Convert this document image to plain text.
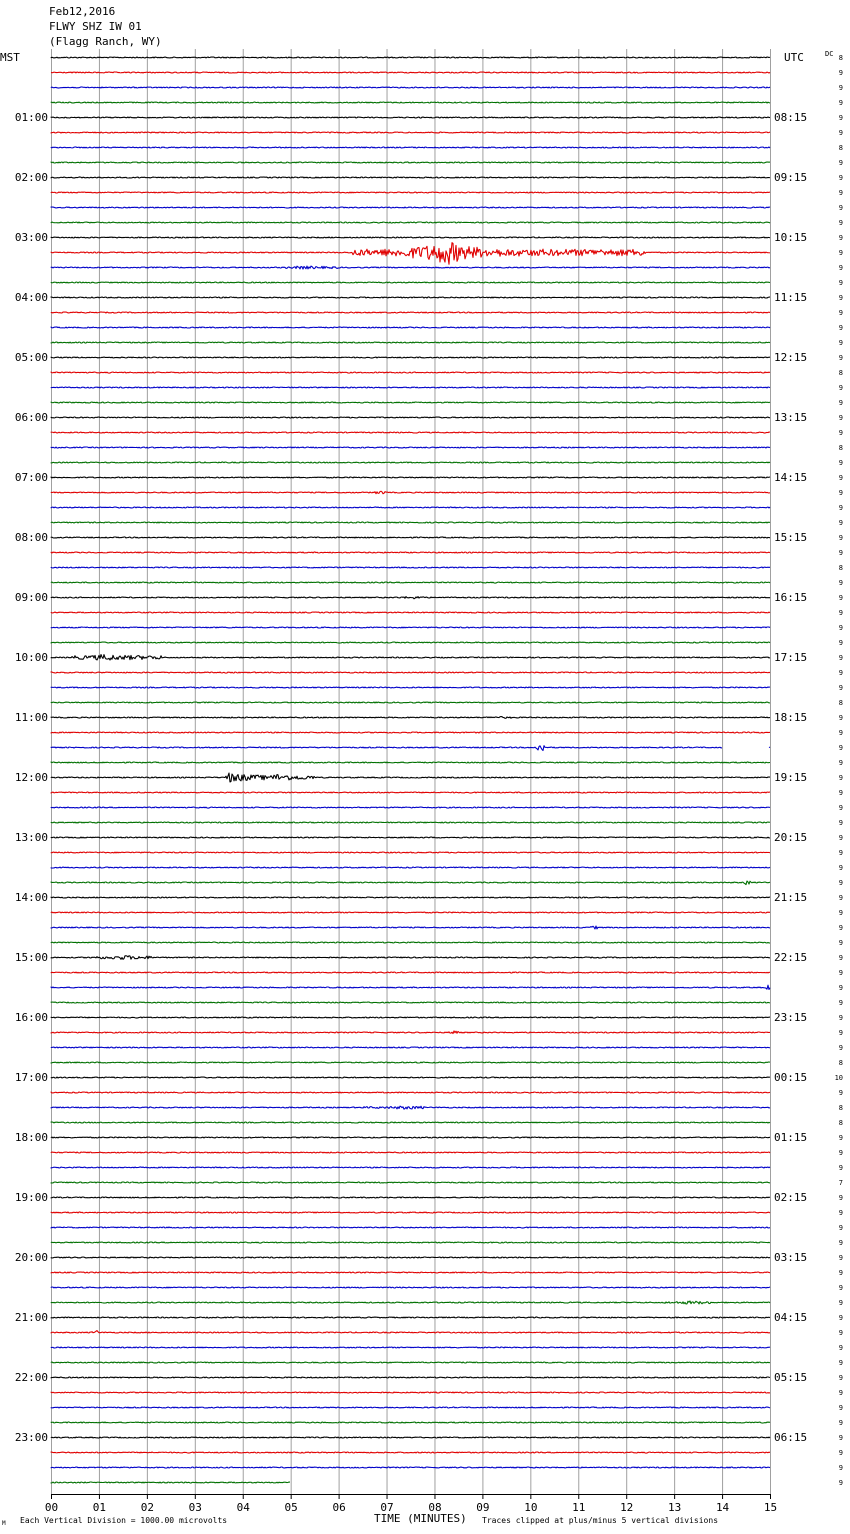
Feb12,2016
FLWY SHZ IW 01
(Flagg Ranch, WY)
00	01	02	03	04	05	06	07	08	09	10	11	12	13	14	15
01:00	08:15
02:00	09:15
03:00	10:15
04:00	11:15
05:00	12:15
06:00	13:15
07:00	14:15
08:00	15:15
09:00	16:15
10:00	17:15
11:00	18:15
12:00	19:15
13:00	20:15
14:00	21:15
15:00	22:15
16:00	23:15
17:00	00:15
18:00	01:15
19:00	02:15
20:00	03:15
21:00	04:15
22:00	05:15
23:00	06:15
8
9
9
9
9
9
8
9
9
9
9
9
9
9
9
9
9
9
9
9
9
8
9
9
9
9
8
9
9
9
9
9
9
9
8
9
9
9
9
9
9
9
9
8
9
9
9
9
9
9
9
9
9
9
9
9
9
9
9
9
9
9
9
9
9
9
9
8
10
9
8
8
9
9
9
7
9
9
9
9
9
9
9
9
9
9
9
9
9
9
9
9
9
9
9
9
MST	UTC	DC
M Each Vertical Division = 1000.00 microvolts	TIME (MINUTES) Traces clipped at plus/minus 5 vertical divisions
